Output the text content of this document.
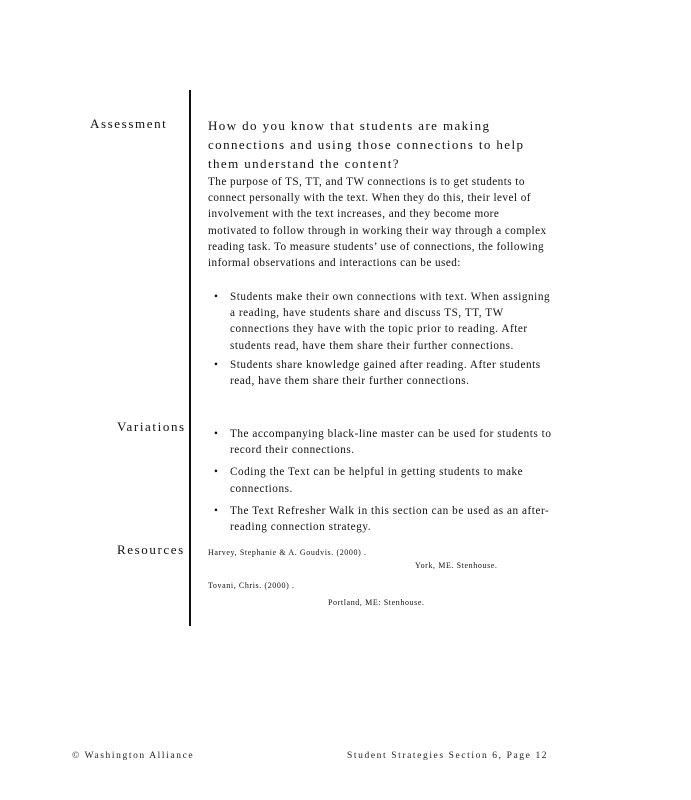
Assessment	How do you know that students are making connections and using those connections to help them understand the content?
The purpose of TS, TT, and TW connections is to get students to connect personally with the text. When they do this, their level of involvement with the text increases, and they become more motivated to follow through in working their way through a complex reading task. To measure students’ use of connections, the following informal observations and interactions can be used:
• Students make their own connections with text. When assigning a reading, have students share and discuss TS, TT, TW connections they have with the topic prior to reading. After students read, have them share their further connections.
• Students share knowledge gained after reading. After students read, have them share their further connections.
Variations	• The accompanying black-line master can be used for students to record their connections.
• Coding the Text can be helpful in getting students to make connections.
• The Text Refresher Walk in this section can be used as an after-reading connection strategy.
Resources	Harvey, Stephanie & A. Goudvis. (2000) .
York, ME. Stenhouse.
Tovani, Chris. (2000) .
Portland, ME: Stenhouse.
© Washington Alliance	Student Strategies Section 6, Page 12
